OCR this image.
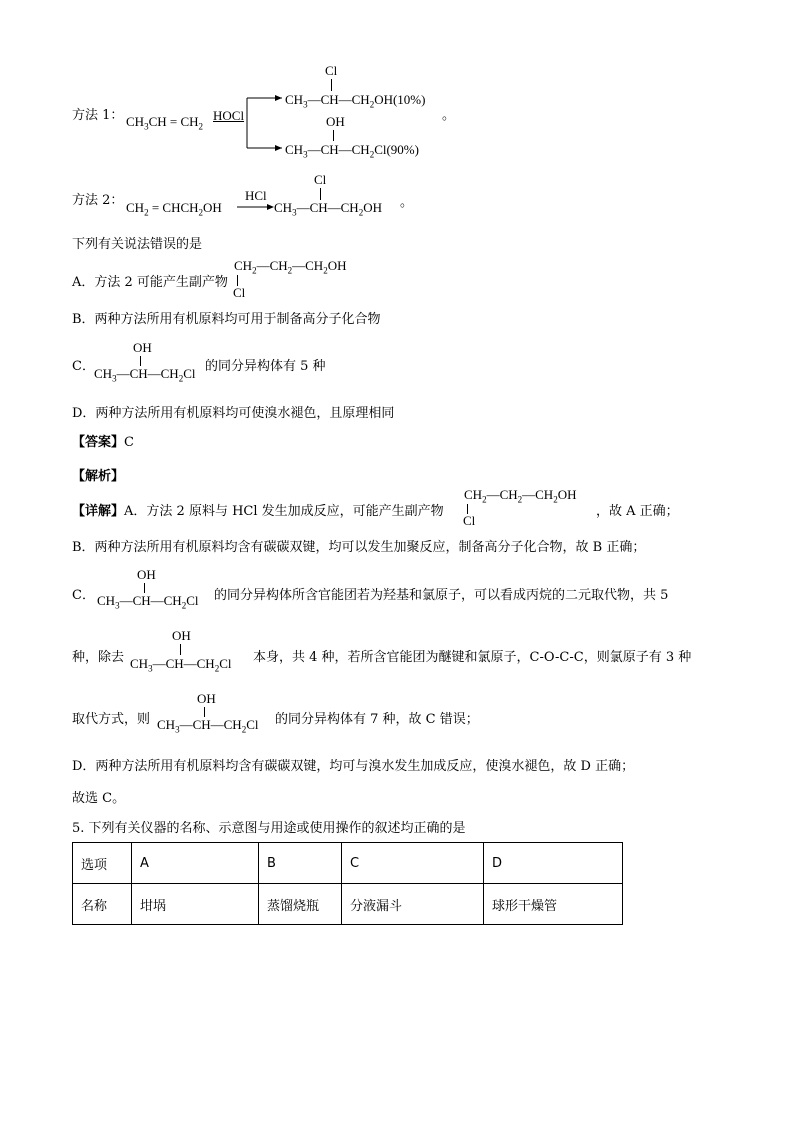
方法 1： $CH_3CH = CH_2$
HOCl
Cl
$CH_3—CH—CH_2OH(10\%)$
OH
$CH_3—CH—CH_2Cl(90\%)$
。
方法 2： $CH_2$ = $CHCH_2OH$
HCl
Cl
$CH_3—CH—CH_2OH$ 。
下列有关说法错误的是
A．方法 2 可能产生副产物
$CH_2—CH_2—CH_2OH$
Cl
B．两种方法所用有机原料均可用于制备高分子化合物
C．
OH
$CH_3—CH—CH_2Cl$ 的同分异构体有 5 种
D．两种方法所用有机原料均可使溴水褪色，且原理相同
【答案】C
【解析】
【详解】A．方法 2 原料与 HCl 发生加成反应，可能产生副产物
$CH_2—CH_2—CH_2OH$
Cl
，故 A 正确；
B．两种方法所用有机原料均含有碳碳双键，均可以发生加聚反应，制备高分子化合物，故 B 正确；
C．
OH
$CH_3—CH—CH_2Cl$ 的同分异构体所含官能团若为羟基和氯原子，可以看成丙烷的二元取代物，共 5
种，除去
OH
$CH_3—CH—CH_2Cl$ 本身，共 4 种，若所含官能团为醚键和氯原子，C-O-C-C，则氯原子有 3 种
取代方式，则
OH
$CH_3—CH—CH_2Cl$ 的同分异构体有 7 种，故 C 错误；
D．两种方法所用有机原料均含有碳碳双键，均可与溴水发生加成反应，使溴水褪色，故 D 正确；
故选 C。
5. 下列有关仪器的名称、示意图与用途或使用操作的叙述均正确的是
选项	A	B	C	D
名称	坩埚	蒸馏烧瓶	分液漏斗	球形干燥管
